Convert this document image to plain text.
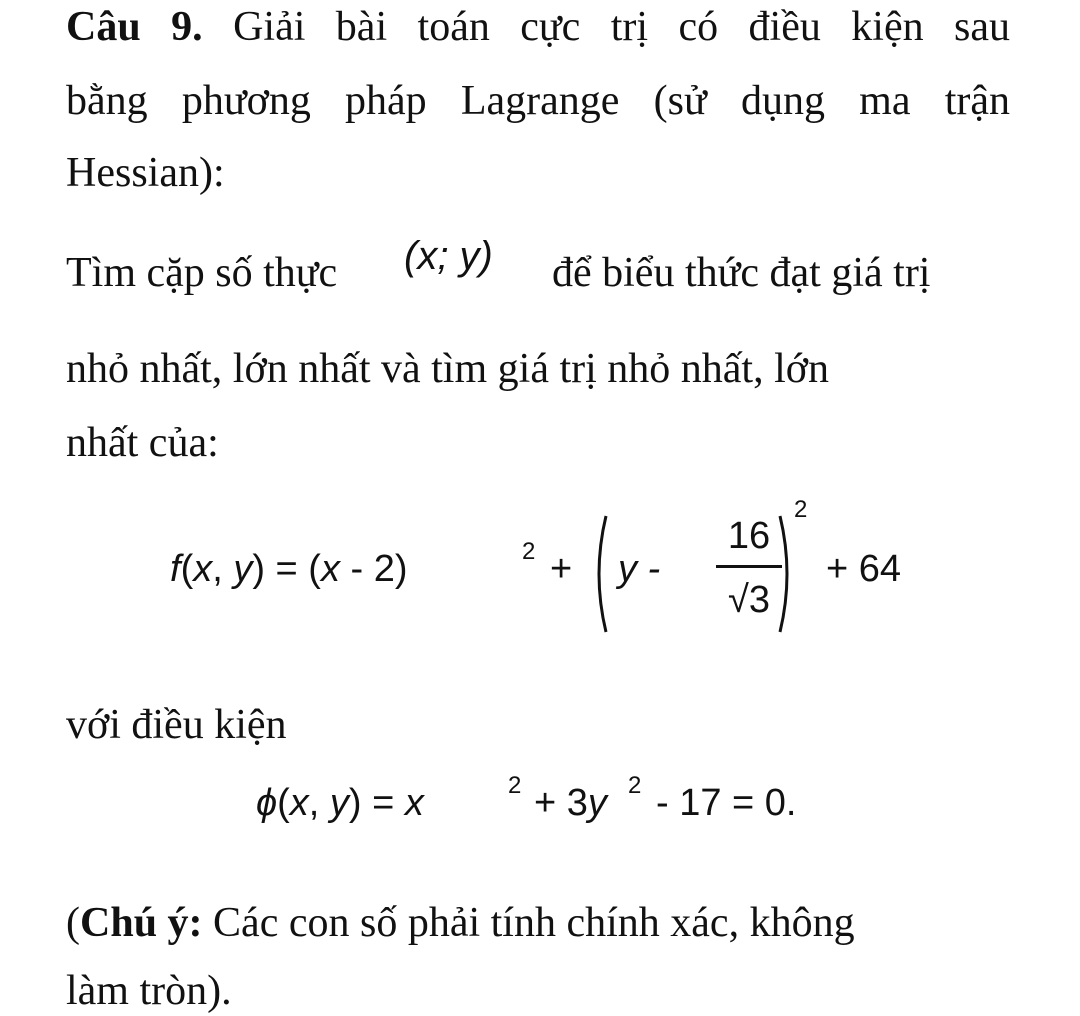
Câu 9. Giải bài toán cực trị có điều kiện sau
bằng phương pháp Lagrange (sử dụng ma trận
Hessian):
Tìm cặp số thực (x; y) để biểu thức đạt giá trị
nhỏ nhất, lớn nhất và tìm giá trị nhỏ nhất, lớn
nhất của:
f(x, y) = (x - 2)	2 + y -
16
√3
2
+ 64
với điều kiện
ϕ(x, y) = x	2 + 3y 2 - 17 = 0.
(Chú ý: Các con số phải tính chính xác, không
làm tròn).
